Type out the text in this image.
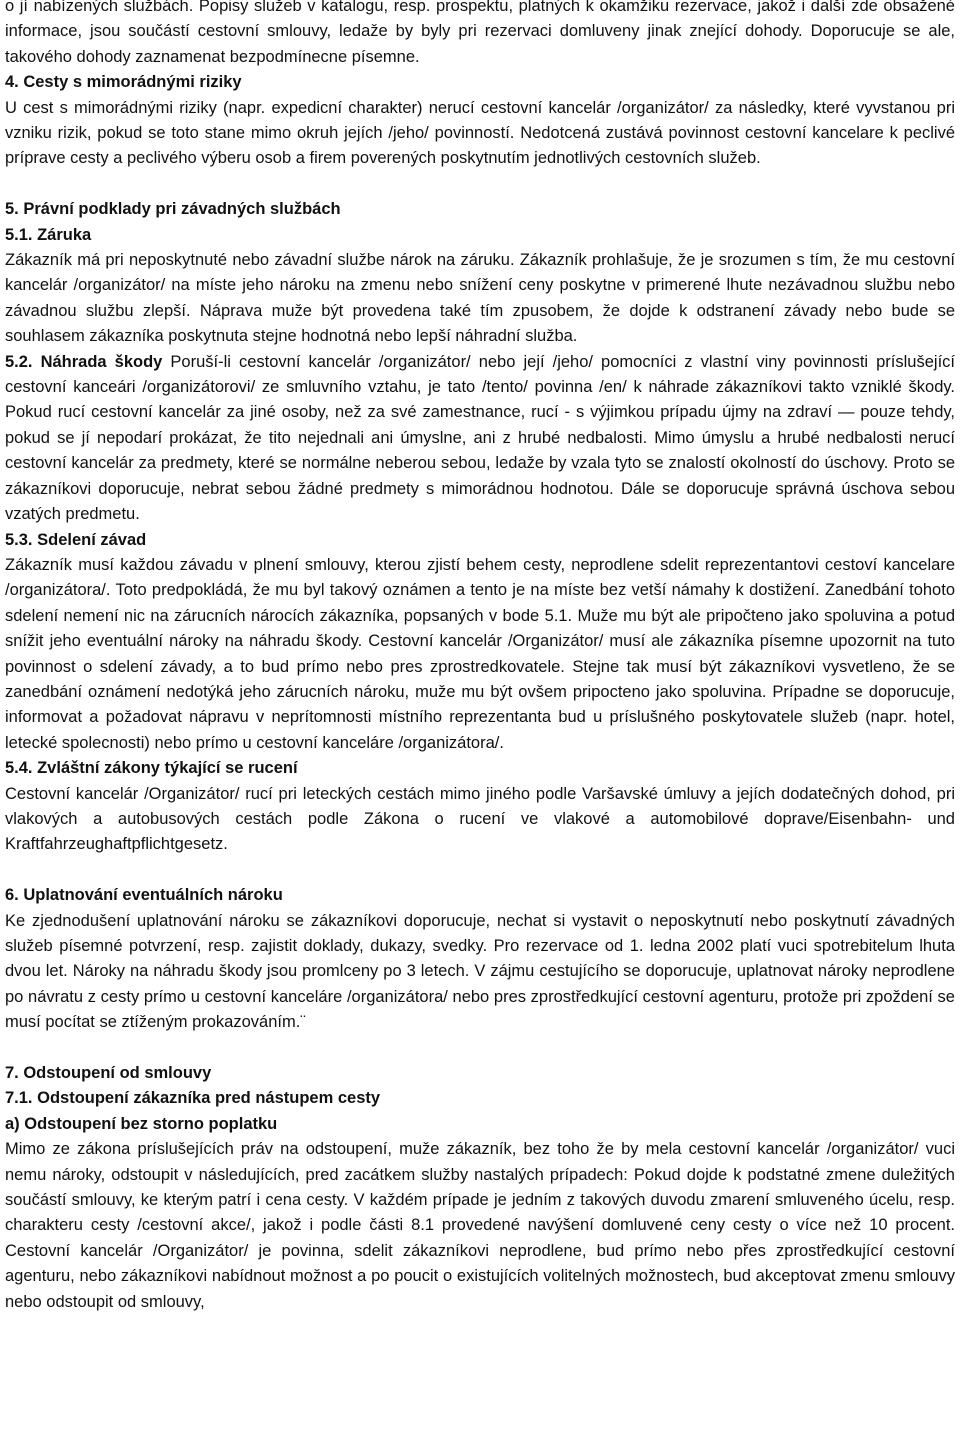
o jí nabízených službách. Popisy služeb v katalogu, resp. prospektu, platných k okamžiku rezervace, jakož i další zde obsažené informace, jsou součástí cestovní smlouvy, ledaže by byly pri rezervaci domluveny jinak znející dohody. Doporucuje se ale, takového dohody zaznamenat bezpodmínecne písemne.

4. Cesty s mimorádnými riziky

U cest s mimorádnými riziky (napr. expedicní charakter) nerucí cestovní kancelár /organizátor/ za následky, které vyvstanou pri vzniku rizik, pokud se toto stane mimo okruh jejích /jeho/ povinností. Nedotcená zustává povinnost cestovní kancelare k peclivé príprave cesty a peclivého výberu osob a firem poverených poskytnutím jednotlivých cestovních služeb.

5. Právní podklady pri závadných službách

5.1. Záruka

Zákazník má pri neposkytnuté nebo závadní službe nárok na záruku. Zákazník prohlašuje, že je srozumen s tím, že mu cestovní kancelár /organizátor/ na míste jeho nároku na zmenu nebo snížení ceny poskytne v primerené lhute nezávadnou službu nebo závadnou službu zlepší. Náprava muže být provedena také tím zpusobem, že dojde k odstranení závady nebo bude se souhlasem zákazníka poskytnuta stejne hodnotná nebo lepší náhradní služba.

5.2. Náhrada škody Poruší-li cestovní kancelár /organizátor/ nebo její /jeho/ pomocníci z vlastní viny povinnosti príslušející cestovní kanceári /organizátorovi/ ze smluvního vztahu, je tato /tento/ povinna /en/ k náhrade zákazníkovi takto vzniklé škody. Pokud rucí cestovní kancelár za jiné osoby, než za své zamestnance, rucí - s výjimkou prípadu újmy na zdraví — pouze tehdy, pokud se jí nepodarí prokázat, že tito nejednali ani úmyslne, ani z hrubé nedbalosti. Mimo úmyslu a hrubé nedbalosti nerucí cestovní kancelár za predmety, které se normálne neberou sebou, ledaže by vzala tyto se znalostí okolností do úschovy. Proto se zákazníkovi doporucuje, nebrat sebou žádné predmety s mimorádnou hodnotou. Dále se doporucuje správná úschova sebou vzatých predmetu.

5.3. Sdelení závad

Zákazník musí každou závadu v plnení smlouvy, kterou zjistí behem cesty, neprodlene sdelit reprezentantovi cestoví kancelare /organizátora/. Toto predpokládá, že mu byl takový oznámen a tento je na míste bez vetší námahy k dostižení. Zanedbání tohoto sdelení nemení nic na zárucních nárocích zákazníka, popsaných v bode 5.1. Muže mu být ale pripočteno jako spoluvina a potud snížit jeho eventuální nároky na náhradu škody. Cestovní kancelár /Organizátor/ musí ale zákazníka písemne upozornit na tuto povinnost o sdelení závady, a to bud prímo nebo pres zprostredkovatele. Stejne tak musí být zákazníkovi vysvetleno, že se zanedbání oznámení nedotýká jeho zárucních nároku, muže mu být ovšem pripocteno jako spoluvina. Prípadne se doporucuje, informovat a požadovat nápravu v neprítomnosti místního reprezentanta bud u príslušného poskytovatele služeb (napr. hotel, letecké spolecnosti) nebo prímo u cestovní kanceláre /organizátora/.

5.4. Zvláštní zákony týkající se rucení

Cestovní kancelár /Organizátor/ rucí pri leteckých cestách mimo jiného podle Varšavské úmluvy a jejích dodatečných dohod, pri vlakových a autobusových cestách podle Zákona o rucení ve vlakové a automobilové doprave/Eisenbahn- und Kraftfahrzeughaftpflichtgesetz.

6. Uplatnování eventuálních nároku

Ke zjednodušení uplatnování nároku se zákazníkovi doporucuje, nechat si vystavit o neposkytnutí nebo poskytnutí závadných služeb písemné potvrzení, resp. zajistit doklady, dukazy, svedky. Pro rezervace od 1. ledna 2002 platí vuci spotrebitelum lhuta dvou let. Nároky na náhradu škody jsou promlceny po 3 letech. V zájmu cestujícího se doporucuje, uplatnovat nároky neprodlene po návratu z cesty prímo u cestovní kanceláre /organizátora/ nebo pres zprostředkující cestovní agenturu, protože pri zpoždení se musí pocítat se ztíženým prokazováním.¨

7. Odstoupení od smlouvy

7.1. Odstoupení zákazníka pred nástupem cesty

a) Odstoupení bez storno poplatku

Mimo ze zákona príslušejících práv na odstoupení, muže zákazník, bez toho že by mela cestovní kancelár /organizátor/ vuci nemu nároky, odstoupit v následujících, pred zacátkem služby nastalých prípadech: Pokud dojde k podstatné zmene duležitých součástí smlouvy, ke kterým patrí i cena cesty. V každém prípade je jedním z takových duvodu zmarení smluveného úcelu, resp. charakteru cesty /cestovní akce/, jakož i podle části 8.1 provedené navýšení domluvené ceny cesty o více než 10 procent. Cestovní kancelár /Organizátor/ je povinna, sdelit zákazníkovi neprodlene, bud prímo nebo přes zprostředkující cestovní agenturu, nebo zákazníkovi nabídnout možnost a po poucit o existujících volitelných možnostech, bud akceptovat zmenu smlouvy nebo odstoupit od smlouvy,
